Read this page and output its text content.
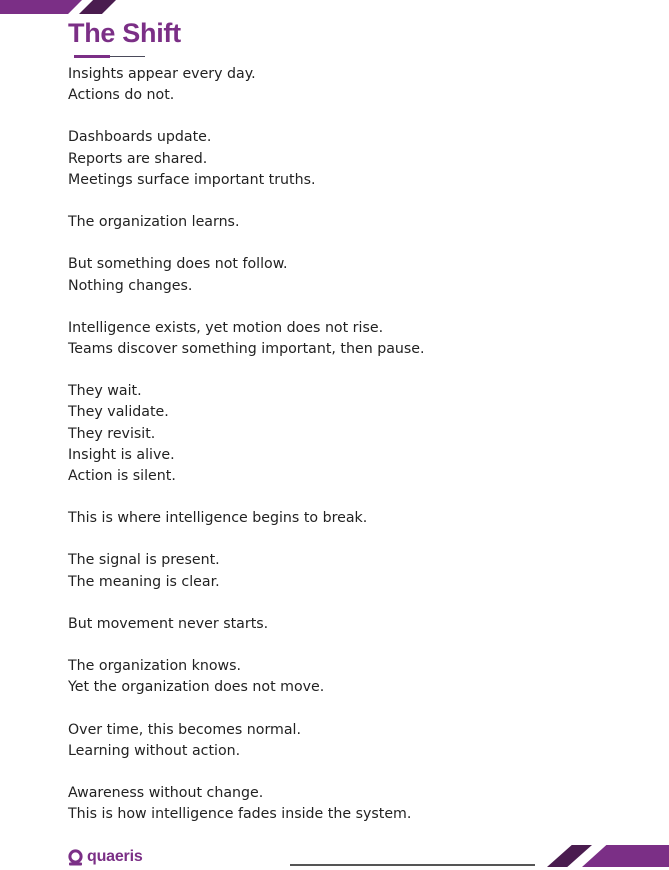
The Shift
Insights appear every day.
Actions do not.
Dashboards update.
Reports are shared.
Meetings surface important truths.
The organization learns.
But something does not follow.
Nothing changes.
Intelligence exists, yet motion does not rise.
Teams discover something important, then pause.
They wait.
They validate.
They revisit.
Insight is alive.
Action is silent.
This is where intelligence begins to break.
The signal is present.
The meaning is clear.
But movement never starts.
The organization knows.
Yet the organization does not move.
Over time, this becomes normal.
Learning without action.
Awareness without change.
This is how intelligence fades inside the system.
quaeris
